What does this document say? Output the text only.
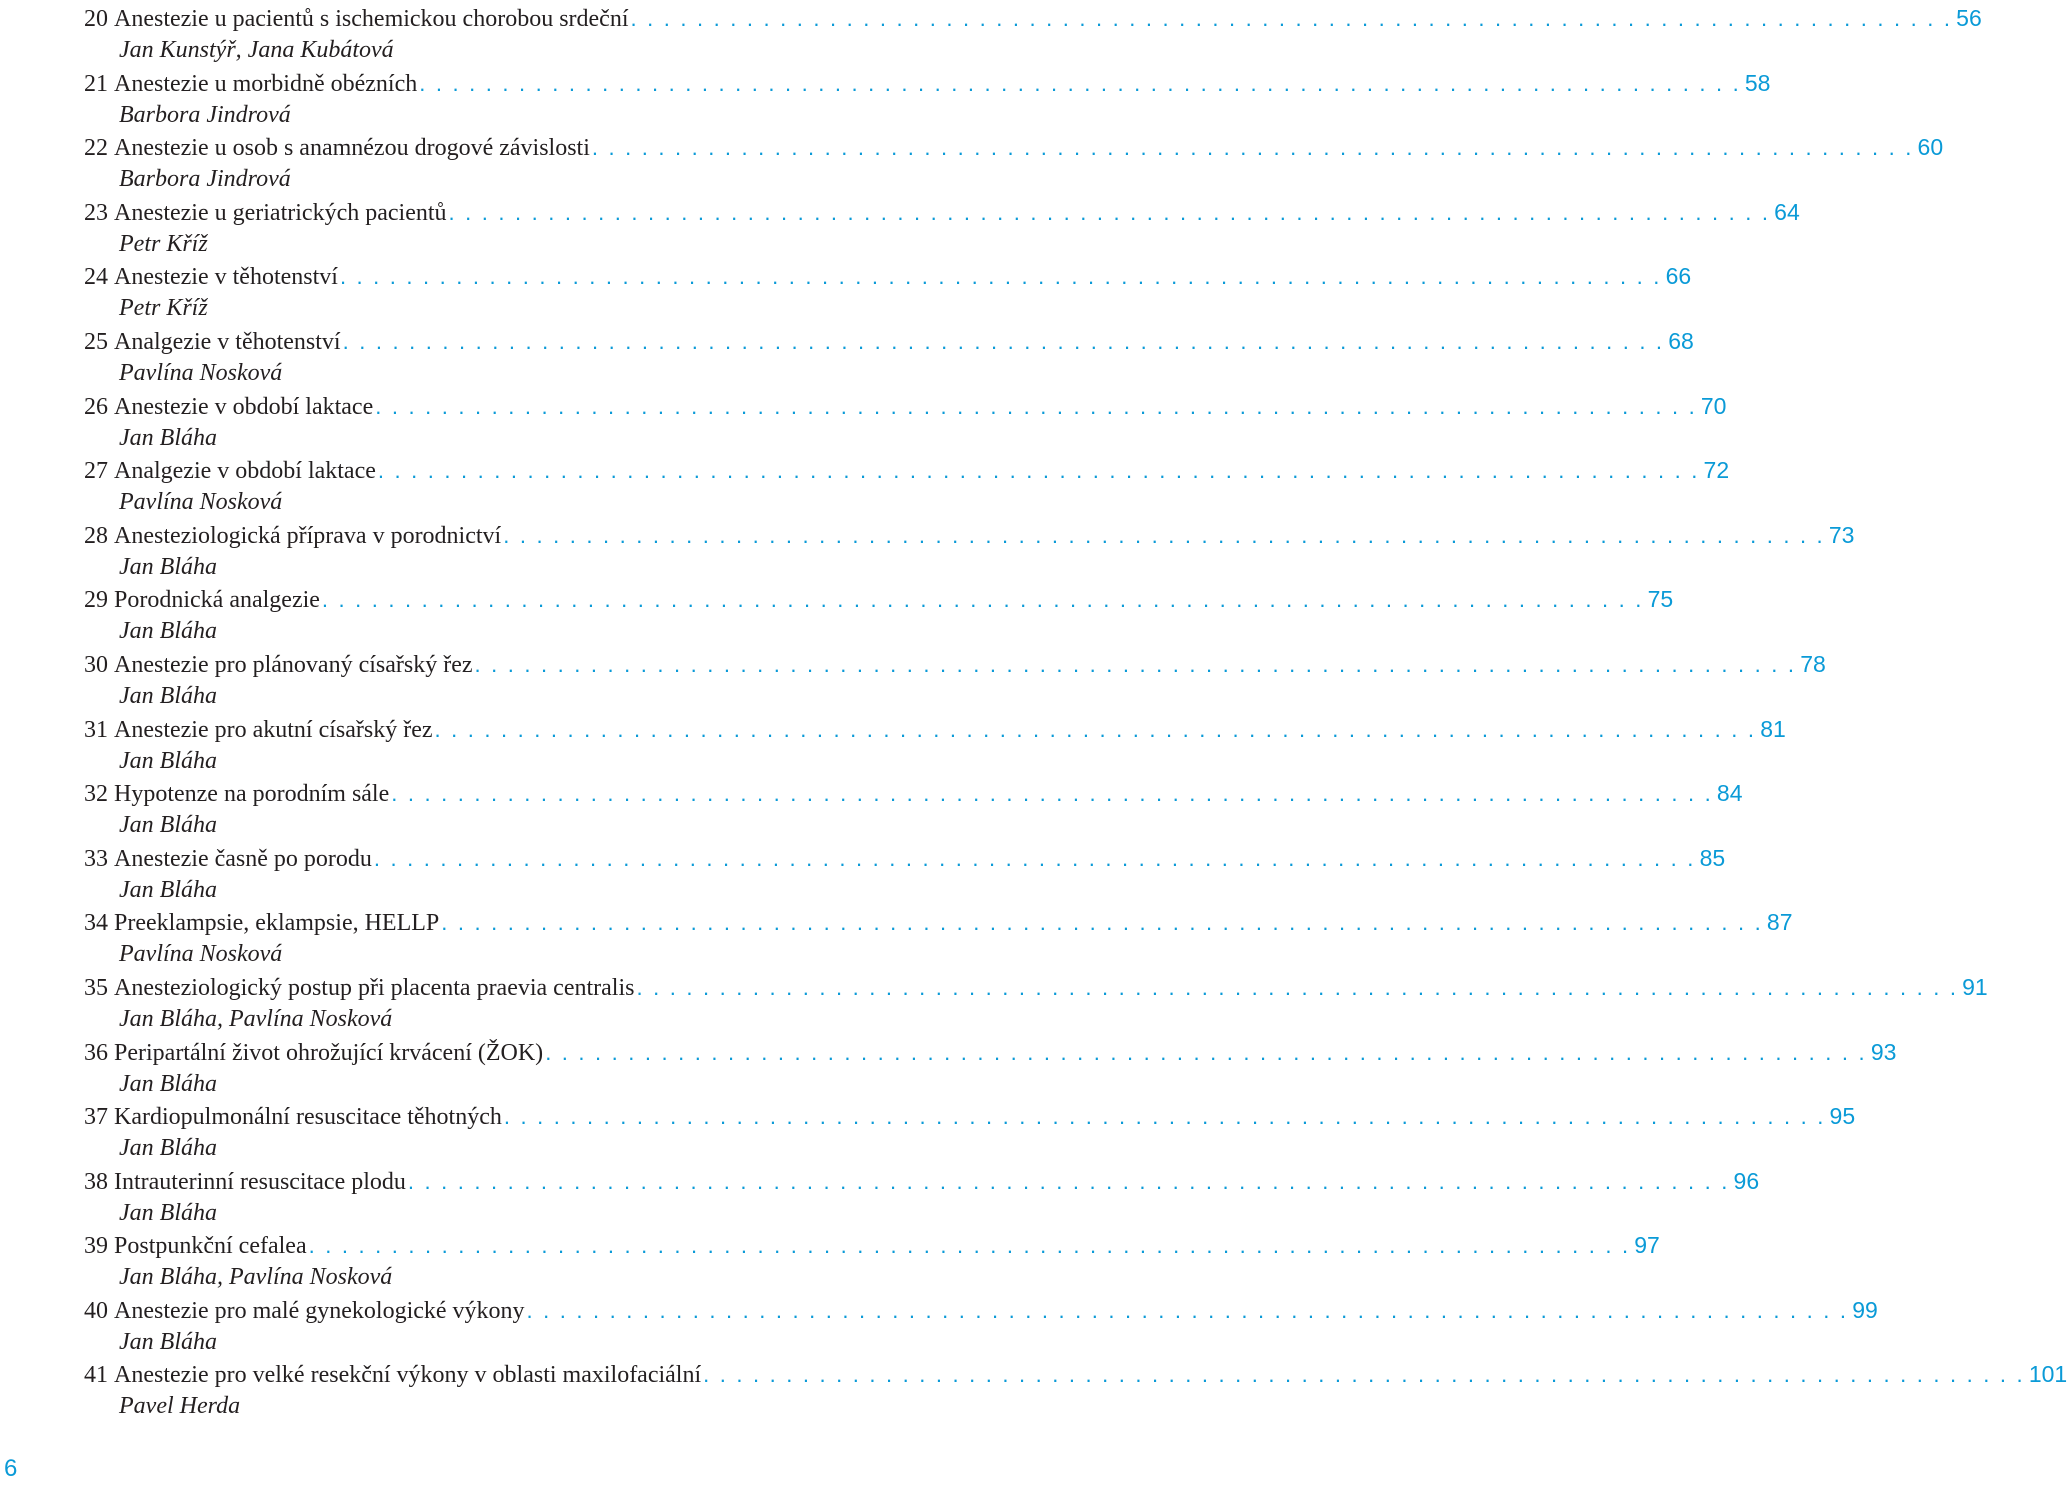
20 Anestezie u pacientů s ischemickou chorobou srdeční . . . . . . . . . . . . . . . . . . . . . . . . . . . . . . . . . . . . . . . . . . . . . . . . . . . . . . . . . . . . . . . . . . . . . . . . . . . . . . . . 56
Jan Kunstýř, Jana Kubátová
21 Anestezie u morbidně obézních . . . . . . . . . . . . . . . . . . . . . . . . . . . . . . . . . . . . . . . . . . . . . . . . . . . . . . . . . . . . . . . . . . . . . . . . . . . . . . . . 58
Barbora Jindrová
22 Anestezie u osob s anamnézou drogové závislosti . . . . . . . . . . . . . . . . . . . . . . . . . . . . . . . . . . . . . . . . . . . . . . . . . . . . . . . . . . . . . . . . . . . . . . . . . . . . . . . . 60
Barbora Jindrová
23 Anestezie u geriatrických pacientů . . . . . . . . . . . . . . . . . . . . . . . . . . . . . . . . . . . . . . . . . . . . . . . . . . . . . . . . . . . . . . . . . . . . . . . . . . . . . . . . 64
Petr Kříž
24 Anestezie v těhotenství . . . . . . . . . . . . . . . . . . . . . . . . . . . . . . . . . . . . . . . . . . . . . . . . . . . . . . . . . . . . . . . . . . . . . . . . . . . . . . . . 66
Petr Kříž
25 Analgezie v těhotenství . . . . . . . . . . . . . . . . . . . . . . . . . . . . . . . . . . . . . . . . . . . . . . . . . . . . . . . . . . . . . . . . . . . . . . . . . . . . . . . . 68
Pavlína Nosková
26 Anestezie v období laktace . . . . . . . . . . . . . . . . . . . . . . . . . . . . . . . . . . . . . . . . . . . . . . . . . . . . . . . . . . . . . . . . . . . . . . . . . . . . . . . . 70
Jan Bláha
27 Analgezie v období laktace . . . . . . . . . . . . . . . . . . . . . . . . . . . . . . . . . . . . . . . . . . . . . . . . . . . . . . . . . . . . . . . . . . . . . . . . . . . . . . . . 72
Pavlína Nosková
28 Anesteziologická příprava v porodnictví . . . . . . . . . . . . . . . . . . . . . . . . . . . . . . . . . . . . . . . . . . . . . . . . . . . . . . . . . . . . . . . . . . . . . . . . . . . . . . . . 73
Jan Bláha
29 Porodnická analgezie . . . . . . . . . . . . . . . . . . . . . . . . . . . . . . . . . . . . . . . . . . . . . . . . . . . . . . . . . . . . . . . . . . . . . . . . . . . . . . . . 75
Jan Bláha
30 Anestezie pro plánovaný císařský řez . . . . . . . . . . . . . . . . . . . . . . . . . . . . . . . . . . . . . . . . . . . . . . . . . . . . . . . . . . . . . . . . . . . . . . . . . . . . . . . . 78
Jan Bláha
31 Anestezie pro akutní císařský řez . . . . . . . . . . . . . . . . . . . . . . . . . . . . . . . . . . . . . . . . . . . . . . . . . . . . . . . . . . . . . . . . . . . . . . . . . . . . . . . . 81
Jan Bláha
32 Hypotenze na porodním sále . . . . . . . . . . . . . . . . . . . . . . . . . . . . . . . . . . . . . . . . . . . . . . . . . . . . . . . . . . . . . . . . . . . . . . . . . . . . . . . . 84
Jan Bláha
33 Anestezie časně po porodu . . . . . . . . . . . . . . . . . . . . . . . . . . . . . . . . . . . . . . . . . . . . . . . . . . . . . . . . . . . . . . . . . . . . . . . . . . . . . . . . 85
Jan Bláha
34 Preeklampsie, eklampsie, HELLP . . . . . . . . . . . . . . . . . . . . . . . . . . . . . . . . . . . . . . . . . . . . . . . . . . . . . . . . . . . . . . . . . . . . . . . . . . . . . . . . 87
Pavlína Nosková
35 Anesteziologický postup při placenta praevia centralis . . . . . . . . . . . . . . . . . . . . . . . . . . . . . . . . . . . . . . . . . . . . . . . . . . . . . . . . . . . . . . . . . . . . . . . . . . . . . . . . 91
Jan Bláha, Pavlína Nosková
36 Peripartální život ohrožující krvácení (ŽOK) . . . . . . . . . . . . . . . . . . . . . . . . . . . . . . . . . . . . . . . . . . . . . . . . . . . . . . . . . . . . . . . . . . . . . . . . . . . . . . . . 93
Jan Bláha
37 Kardiopulmonální resuscitace těhotných . . . . . . . . . . . . . . . . . . . . . . . . . . . . . . . . . . . . . . . . . . . . . . . . . . . . . . . . . . . . . . . . . . . . . . . . . . . . . . . . 95
Jan Bláha
38 Intrauterinní resuscitace plodu . . . . . . . . . . . . . . . . . . . . . . . . . . . . . . . . . . . . . . . . . . . . . . . . . . . . . . . . . . . . . . . . . . . . . . . . . . . . . . . . 96
Jan Bláha
39 Postpunkční cefalea . . . . . . . . . . . . . . . . . . . . . . . . . . . . . . . . . . . . . . . . . . . . . . . . . . . . . . . . . . . . . . . . . . . . . . . . . . . . . . . . 97
Jan Bláha, Pavlína Nosková
40 Anestezie pro malé gynekologické výkony . . . . . . . . . . . . . . . . . . . . . . . . . . . . . . . . . . . . . . . . . . . . . . . . . . . . . . . . . . . . . . . . . . . . . . . . . . . . . . . . 99
Jan Bláha
41 Anestezie pro velké resekční výkony v oblasti maxilofaciální . . . . . . . . . . . . . . . . . . . . . . . . . . . . . . . . . . . . . . . . . . . . . . . . . . . . . . . . . . . . . . . . . . . . . . . . . . . . . . . . 101
Pavel Herda
6
